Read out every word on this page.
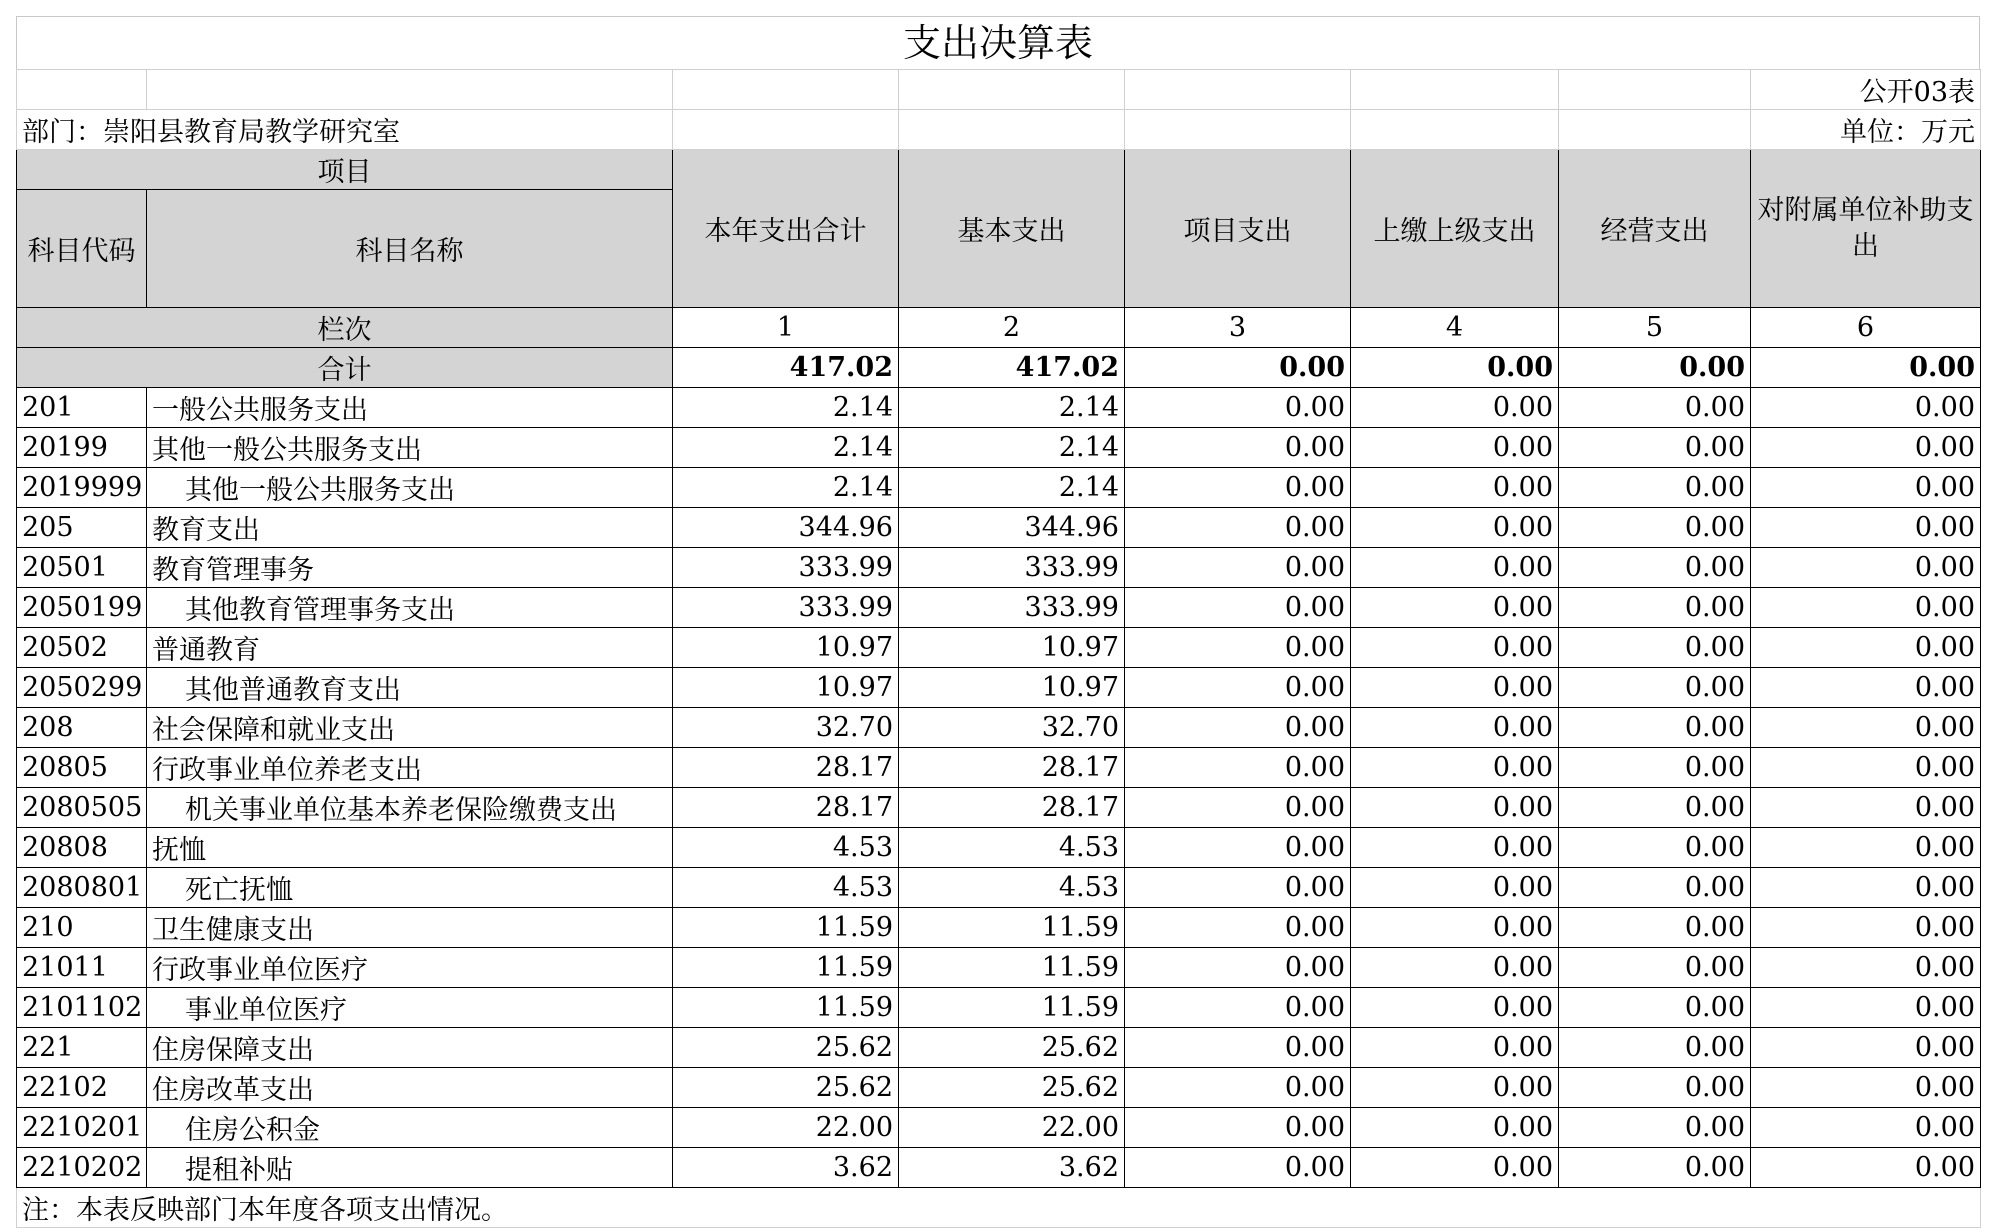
支出决算表
							公开03表
部门：崇阳县教育局教学研究室							单位：万元
项目		本年支出合计	基本支出	项目支出	上缴上级支出	经营支出	对附属单位补助支出
科目代码	科目名称						
栏次		1	2	3	4	5	6
合计		417.02	417.02	0.00	0.00	0.00	0.00
201	一般公共服务支出	2.14	2.14	0.00	0.00	0.00	0.00
20199	其他一般公共服务支出	2.14	2.14	0.00	0.00	0.00	0.00
2019999	其他一般公共服务支出	2.14	2.14	0.00	0.00	0.00	0.00
205	教育支出	344.96	344.96	0.00	0.00	0.00	0.00
20501	教育管理事务	333.99	333.99	0.00	0.00	0.00	0.00
2050199	其他教育管理事务支出	333.99	333.99	0.00	0.00	0.00	0.00
20502	普通教育	10.97	10.97	0.00	0.00	0.00	0.00
2050299	其他普通教育支出	10.97	10.97	0.00	0.00	0.00	0.00
208	社会保障和就业支出	32.70	32.70	0.00	0.00	0.00	0.00
20805	行政事业单位养老支出	28.17	28.17	0.00	0.00	0.00	0.00
2080505	机关事业单位基本养老保险缴费支出	28.17	28.17	0.00	0.00	0.00	0.00
20808	抚恤	4.53	4.53	0.00	0.00	0.00	0.00
2080801	死亡抚恤	4.53	4.53	0.00	0.00	0.00	0.00
210	卫生健康支出	11.59	11.59	0.00	0.00	0.00	0.00
21011	行政事业单位医疗	11.59	11.59	0.00	0.00	0.00	0.00
2101102	事业单位医疗	11.59	11.59	0.00	0.00	0.00	0.00
221	住房保障支出	25.62	25.62	0.00	0.00	0.00	0.00
22102	住房改革支出	25.62	25.62	0.00	0.00	0.00	0.00
2210201	住房公积金	22.00	22.00	0.00	0.00	0.00	0.00
2210202	提租补贴	3.62	3.62	0.00	0.00	0.00	0.00
注：本表反映部门本年度各项支出情况。							
